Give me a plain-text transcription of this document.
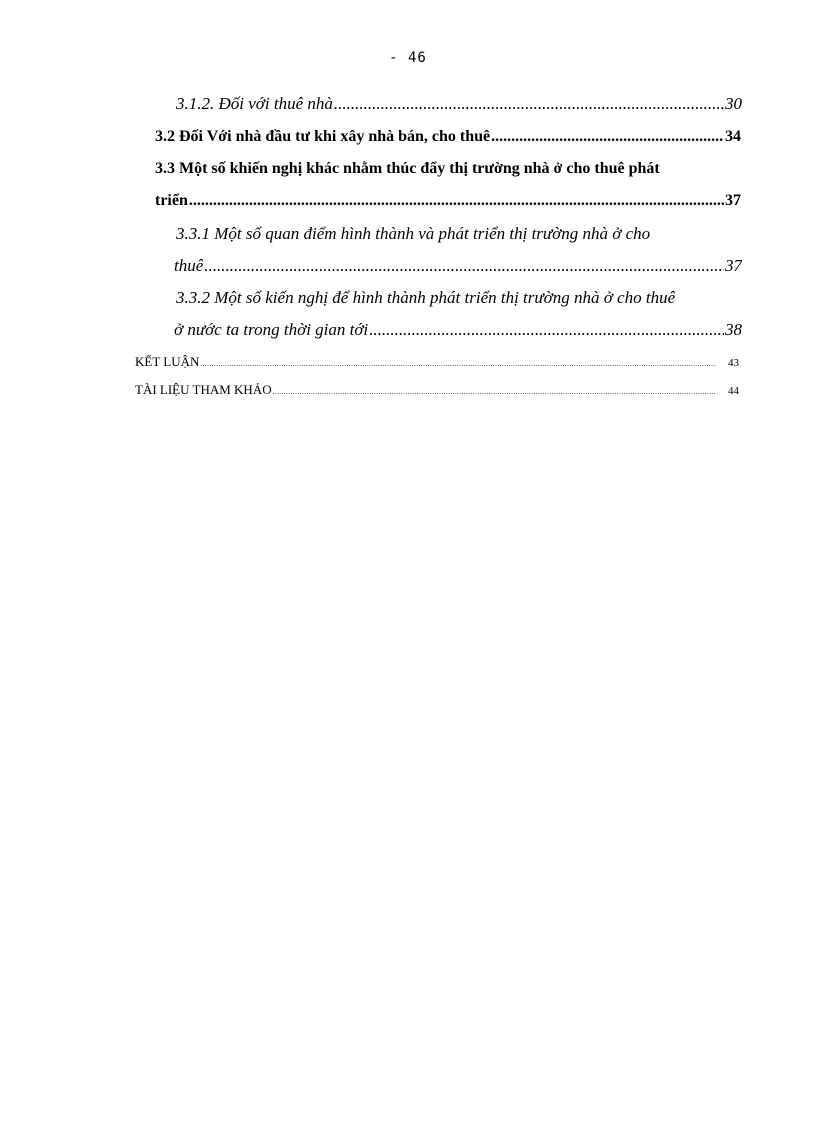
- 46
3.1.2. Đối với thuê nhà .....	30
3.2 Đối Với nhà đầu tư khi xây nhà bán, cho thuê .....	34
3.3 Một số khiến nghị khác nhằm thúc đẩy thị trường nhà ở cho thuê phát
triển .....	37
3.3.1 Một số quan điểm hình thành và phát triển thị trường nhà ở cho
thuê .....	37
3.3.2 Một số kiến nghị để hình thành phát triển thị trường nhà ở cho thuê
ở nước ta trong thời gian tới .....	38
KẾT LUẬN .....	43
TÀI LIỆU THAM KHẢO .....	44
